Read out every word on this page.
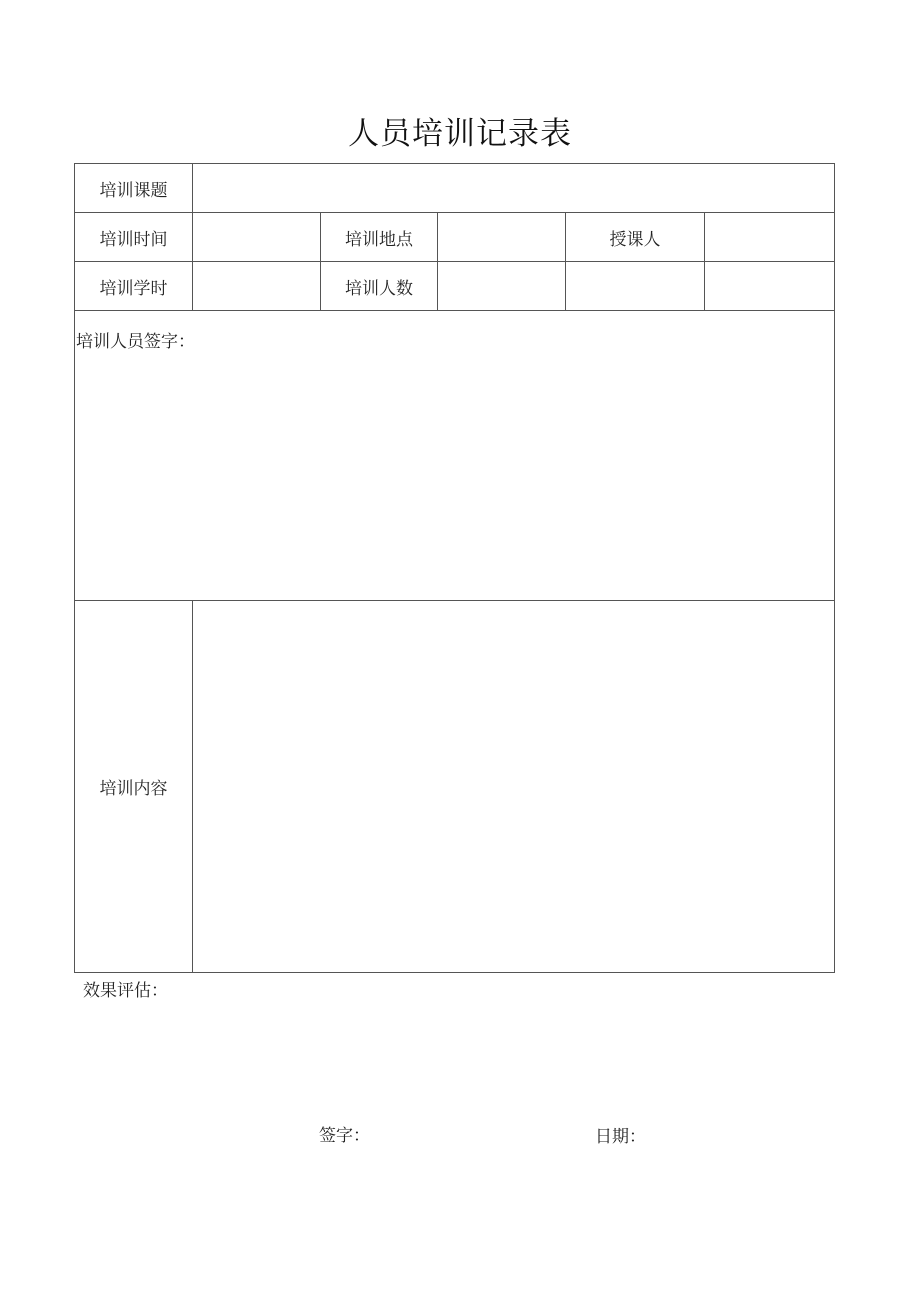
人员培训记录表
培训课题					
培训时间		培训地点		授课人	
培训学时		培训人数			

培训人员签字：					

培训内容					
效果评估：
签字：	日期：
